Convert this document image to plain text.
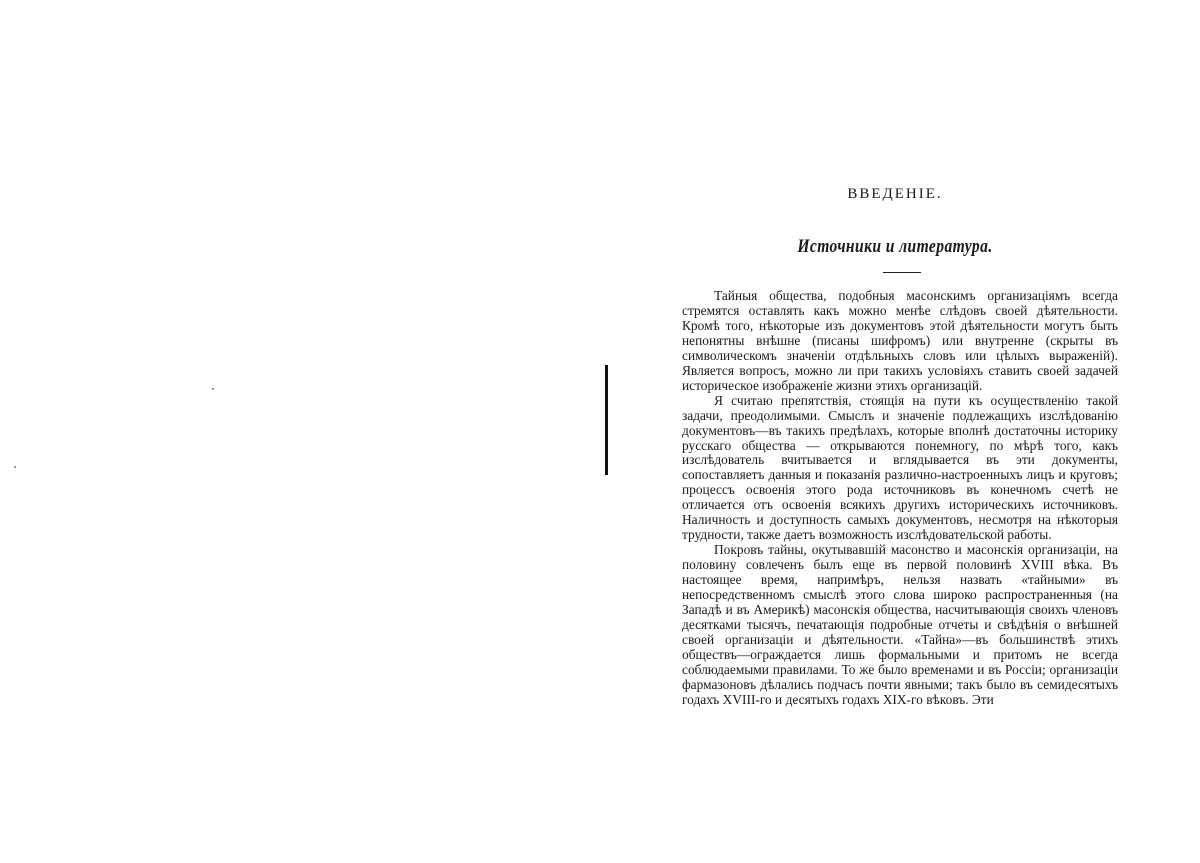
ВВЕДЕНІЕ.
Источники и литература.

Тайныя общества, подобныя масонскимъ организаціямъ всегда стремятся оставлять какъ можно менѣе слѣдовъ своей дѣятельности. Кромѣ того, нѣкоторые изъ документовъ этой дѣятельности могутъ быть непонятны внѣшне (писаны шифромъ) или внутренне (скрыты въ символическомъ значеніи отдѣльныхъ словъ или цѣлыхъ выраженій). Является вопросъ, можно ли при такихъ условіяхъ ставить своей задачей историческое изображеніе жизни этихъ организацій.

Я считаю препятствія, стоящія на пути къ осуществленію такой задачи, преодолимыми. Смыслъ и значеніе подлежащихъ изслѣдованію документовъ—въ такихъ предѣлахъ, которые вполнѣ достаточны историку русскаго общества — открываются понемногу, по мѣрѣ того, какъ изслѣдователь вчитывается и вглядывается въ эти документы, сопоставляетъ данныя и показанія различно-настроенныхъ лицъ и круговъ; процессъ освоенія этого рода источниковъ въ конечномъ счетѣ не отличается отъ освоенія всякихъ другихъ историческихъ источниковъ. Наличность и доступность самыхъ документовъ, несмотря на нѣкоторыя трудности, также даетъ возможность изслѣдовательской работы.

Покровъ тайны, окутывавшій масонство и масонскія организаціи, на половину совлеченъ былъ еще въ первой половинѣ XVIII вѣка. Въ настоящее время, напримѣръ, нельзя назвать «тайными» въ непосредственномъ смыслѣ этого слова широко распространенныя (на Западѣ и въ Америкѣ) масонскія общества, насчитывающія своихъ членовъ десятками тысячъ, печатающія подробные отчеты и свѣдѣнія о внѣшней своей организаціи и дѣятельности. «Тайна»—въ большинствѣ этихъ обществъ—ограждается лишь формальными и притомъ не всегда соблюдаемыми правилами. То же было временами и въ Россіи; организаціи фармазоновъ дѣлались подчасъ почти явными; такъ было въ семидесятыхъ годахъ XVIII-го и десятыхъ годахъ XIX-го вѣковъ. Эти
